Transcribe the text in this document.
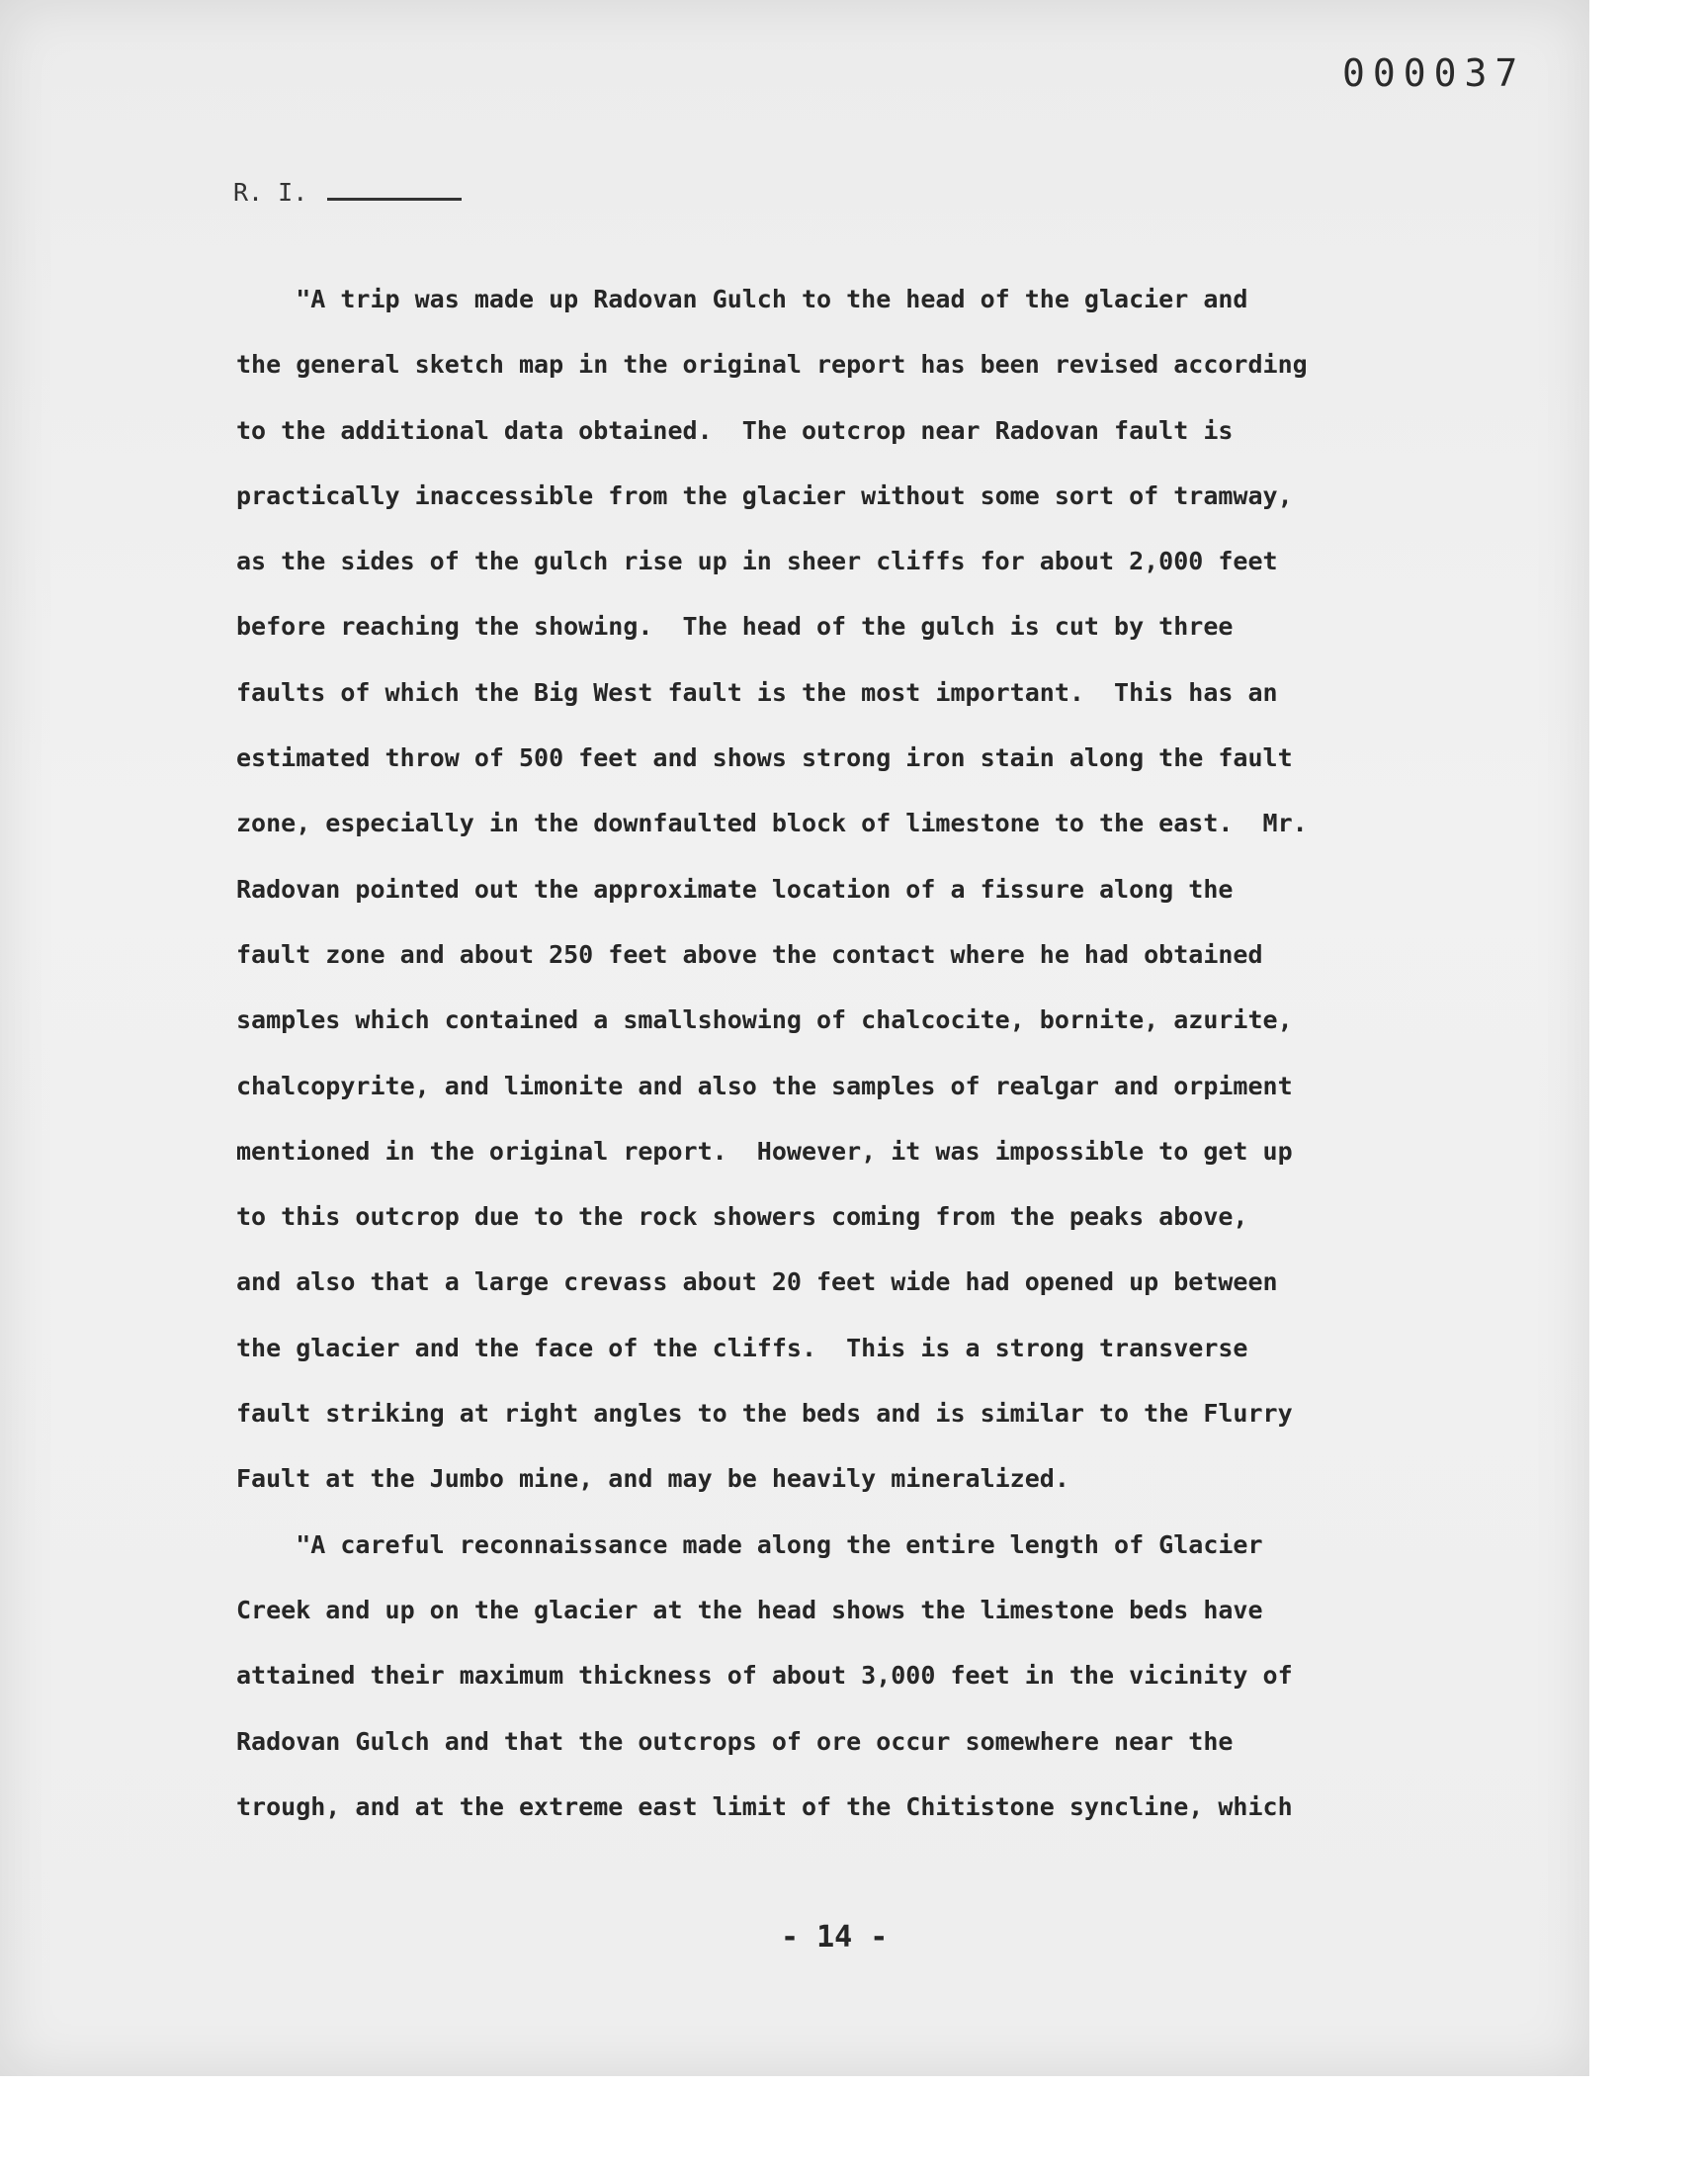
000037
R. I.
"A trip was made up Radovan Gulch to the head of the glacier and
the general sketch map in the original report has been revised according
to the additional data obtained.  The outcrop near Radovan fault is
practically inaccessible from the glacier without some sort of tramway,
as the sides of the gulch rise up in sheer cliffs for about 2,000 feet
before reaching the showing.  The head of the gulch is cut by three
faults of which the Big West fault is the most important.  This has an
estimated throw of 500 feet and shows strong iron stain along the fault
zone, especially in the downfaulted block of limestone to the east.  Mr.
Radovan pointed out the approximate location of a fissure along the
fault zone and about 250 feet above the contact where he had obtained
samples which contained a smallshowing of chalcocite, bornite, azurite,
chalcopyrite, and limonite and also the samples of realgar and orpiment
mentioned in the original report.  However, it was impossible to get up
to this outcrop due to the rock showers coming from the peaks above,
and also that a large crevass about 20 feet wide had opened up between
the glacier and the face of the cliffs.  This is a strong transverse
fault striking at right angles to the beds and is similar to the Flurry
Fault at the Jumbo mine, and may be heavily mineralized.
"A careful reconnaissance made along the entire length of Glacier
Creek and up on the glacier at the head shows the limestone beds have
attained their maximum thickness of about 3,000 feet in the vicinity of
Radovan Gulch and that the outcrops of ore occur somewhere near the
trough, and at the extreme east limit of the Chitistone syncline, which
- 14 -
